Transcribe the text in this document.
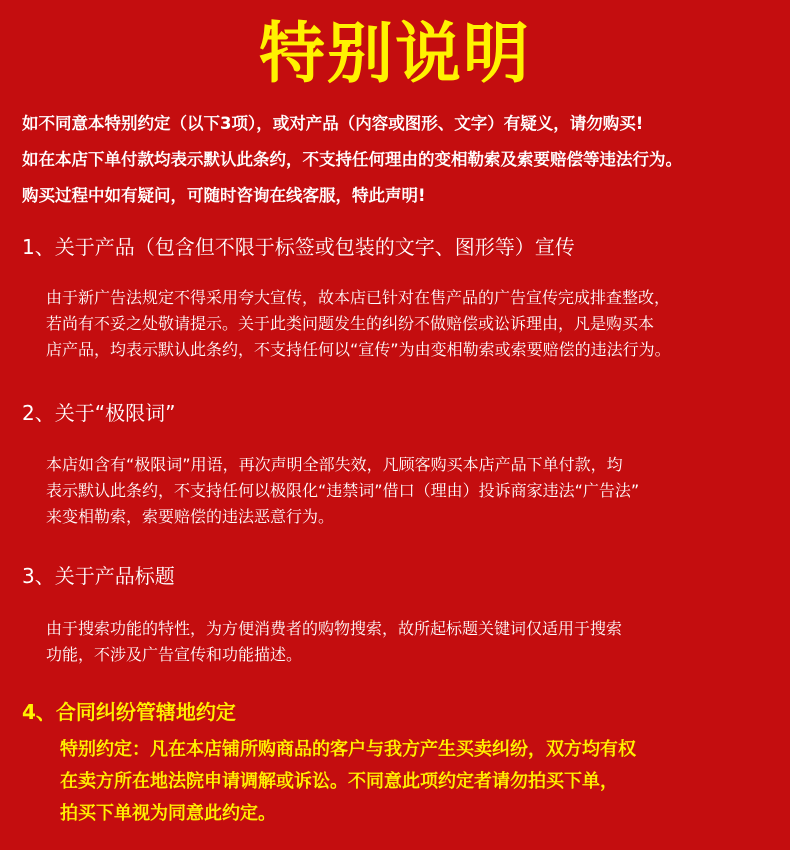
特别说明

如不同意本特别约定（以下3项），或对产品（内容或图形、文字）有疑义，请勿购买!

如在本店下单付款均表示默认此条约，不支持任何理由的变相勒索及索要赔偿等违法行为。

购买过程中如有疑问，可随时咨询在线客服，特此声明!

1、关于产品（包含但不限于标签或包装的文字、图形等）宣传

由于新广告法规定不得采用夸大宣传，故本店已针对在售产品的广告宣传完成排查整改，

若尚有不妥之处敬请提示。关于此类问题发生的纠纷不做赔偿或讼诉理由，凡是购买本

店产品，均表示默认此条约，不支持任何以“宣传”为由变相勒索或索要赔偿的违法行为。

2、关于“极限词”

本店如含有“极限词”用语，再次声明全部失效，凡顾客购买本店产品下单付款，均

表示默认此条约，不支持任何以极限化“违禁词”借口（理由）投诉商家违法“广告法”

来变相勒索，索要赔偿的违法恶意行为。

3、关于产品标题

由于搜索功能的特性，为方便消费者的购物搜索，故所起标题关键词仅适用于搜索

功能，不涉及广告宣传和功能描述。

4、合同纠纷管辖地约定

特别约定：凡在本店铺所购商品的客户与我方产生买卖纠纷，双方均有权

在卖方所在地法院申请调解或诉讼。不同意此项约定者请勿拍买下单，

拍买下单视为同意此约定。
